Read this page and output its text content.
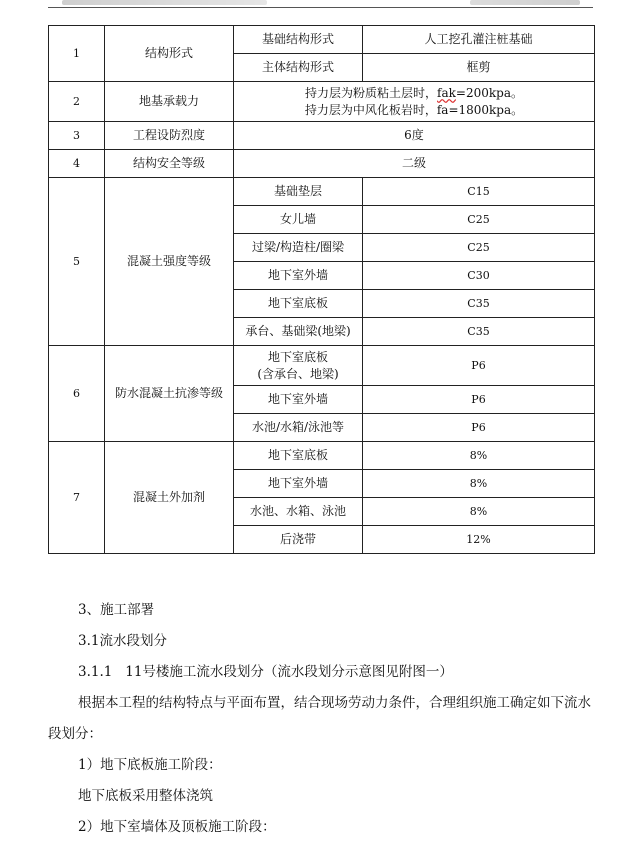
1	结构形式	基础结构形式	人工挖孔灌注桩基础
		主体结构形式	框剪
2	地基承载力	持力层为粉质粘土层时，fak=200kpa。
持力层为中风化板岩时，fa=1800kpa。	

3	工程设防烈度	6度	
4	结构安全等级	二级	
5	混凝土强度等级	基础垫层	C15
		女儿墙	C25
		过梁/构造柱/圈梁	C25
		地下室外墙	C30
		地下室底板	C35
		承台、基础梁(地梁)	C35
6	防水混凝土抗渗等级	地下室底板
(含承台、地梁)	P6
		地下室外墙	P6
		水池/水箱/泳池等	P6
7	混凝土外加剂	地下室底板	8%
		地下室外墙	8%
		水池、水箱、泳池	8%
		后浇带	12%

3、施工部署

3.1流水段划分

3.1.1   11号楼施工流水段划分（流水段划分示意图见附图一）

根据本工程的结构特点与平面布置，结合现场劳动力条件，合理组织施工确定如下流水段划分：

1）地下底板施工阶段：

地下底板采用整体浇筑

2）地下室墙体及顶板施工阶段：
